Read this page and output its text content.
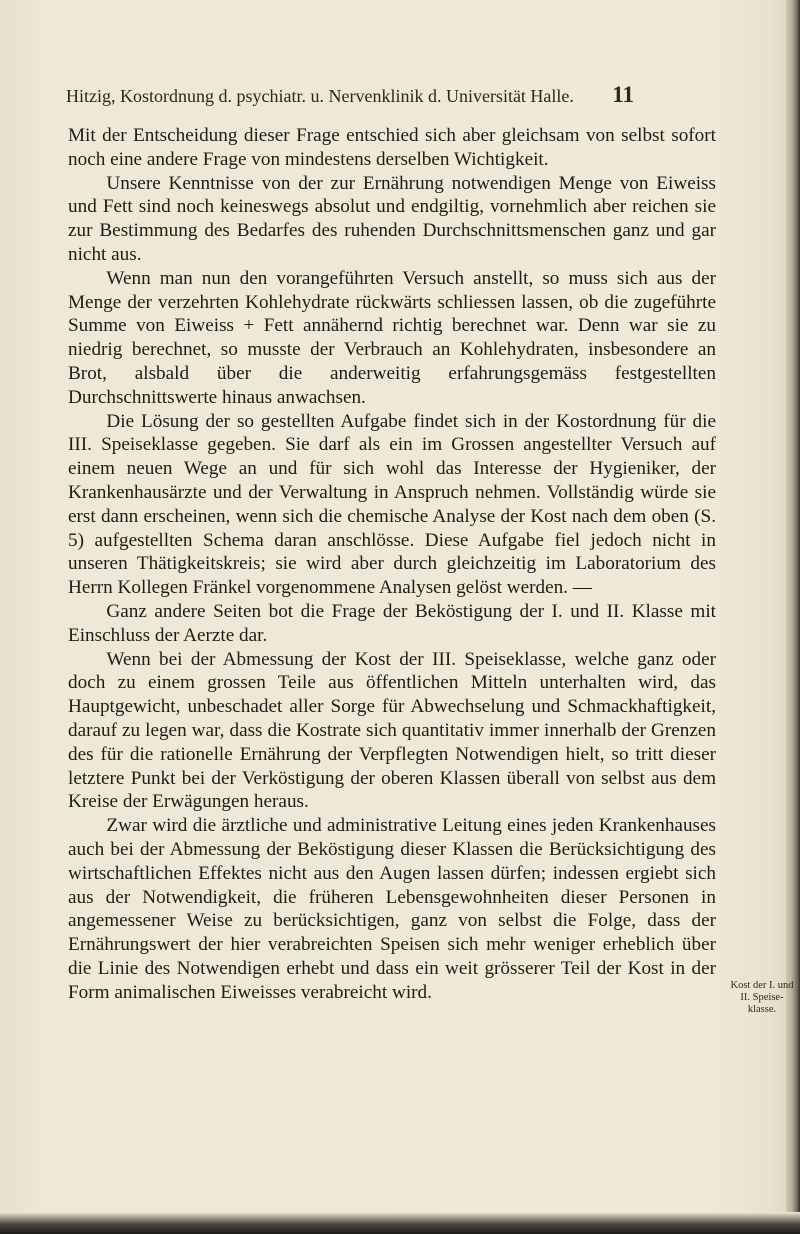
Hitzig, Kostordnung d. psychiatr. u. Nervenklinik d. Universität Halle. 11

Mit der Entscheidung dieser Frage entschied sich aber gleichsam von selbst sofort noch eine andere Frage von mindestens derselben Wichtigkeit.

Unsere Kenntnisse von der zur Ernährung notwendigen Menge von Eiweiss und Fett sind noch keineswegs absolut und endgiltig, vornehmlich aber reichen sie zur Bestimmung des Bedarfes des ruhenden Durchschnittsmenschen ganz und gar nicht aus.

Wenn man nun den vorangeführten Versuch anstellt, so muss sich aus der Menge der verzehrten Kohlehydrate rückwärts schliessen lassen, ob die zugeführte Summe von Eiweiss + Fett annähernd richtig berechnet war. Denn war sie zu niedrig berechnet, so musste der Verbrauch an Kohlehydraten, insbesondere an Brot, alsbald über die anderweitig erfahrungsgemäss festgestellten Durchschnittswerte hinaus anwachsen.

Die Lösung der so gestellten Aufgabe findet sich in der Kostordnung für die III. Speiseklasse gegeben. Sie darf als ein im Grossen angestellter Versuch auf einem neuen Wege an und für sich wohl das Interesse der Hygieniker, der Krankenhausärzte und der Verwaltung in Anspruch nehmen. Vollständig würde sie erst dann erscheinen, wenn sich die chemische Analyse der Kost nach dem oben (S. 5) aufgestellten Schema daran anschlösse. Diese Aufgabe fiel jedoch nicht in unseren Thätigkeitskreis; sie wird aber durch gleichzeitig im Laboratorium des Herrn Kollegen Fränkel vorgenommene Analysen gelöst werden. —

Ganz andere Seiten bot die Frage der Beköstigung der I. und II. Klasse mit Einschluss der Aerzte dar.

Wenn bei der Abmessung der Kost der III. Speiseklasse, welche ganz oder doch zu einem grossen Teile aus öffentlichen Mitteln unterhalten wird, das Hauptgewicht, unbeschadet aller Sorge für Abwechselung und Schmackhaftigkeit, darauf zu legen war, dass die Kostrate sich quantitativ immer innerhalb der Grenzen des für die rationelle Ernährung der Verpflegten Notwendigen hielt, so tritt dieser letztere Punkt bei der Verköstigung der oberen Klassen überall von selbst aus dem Kreise der Erwägungen heraus.

Zwar wird die ärztliche und administrative Leitung eines jeden Krankenhauses auch bei der Abmessung der Beköstigung dieser Klassen die Berücksichtigung des wirtschaftlichen Effektes nicht aus den Augen lassen dürfen; indessen ergiebt sich aus der Notwendigkeit, die früheren Lebensgewohnheiten dieser Personen in angemessener Weise zu berücksichtigen, ganz von selbst die Folge, dass der Ernährungswert der hier verabreichten Speisen sich mehr weniger erheblich über die Linie des Notwendigen erhebt und dass ein weit grösserer Teil der Kost in der Form animalischen Eiweisses verabreicht wird.	Kost der I. und II. Speise-klasse.
